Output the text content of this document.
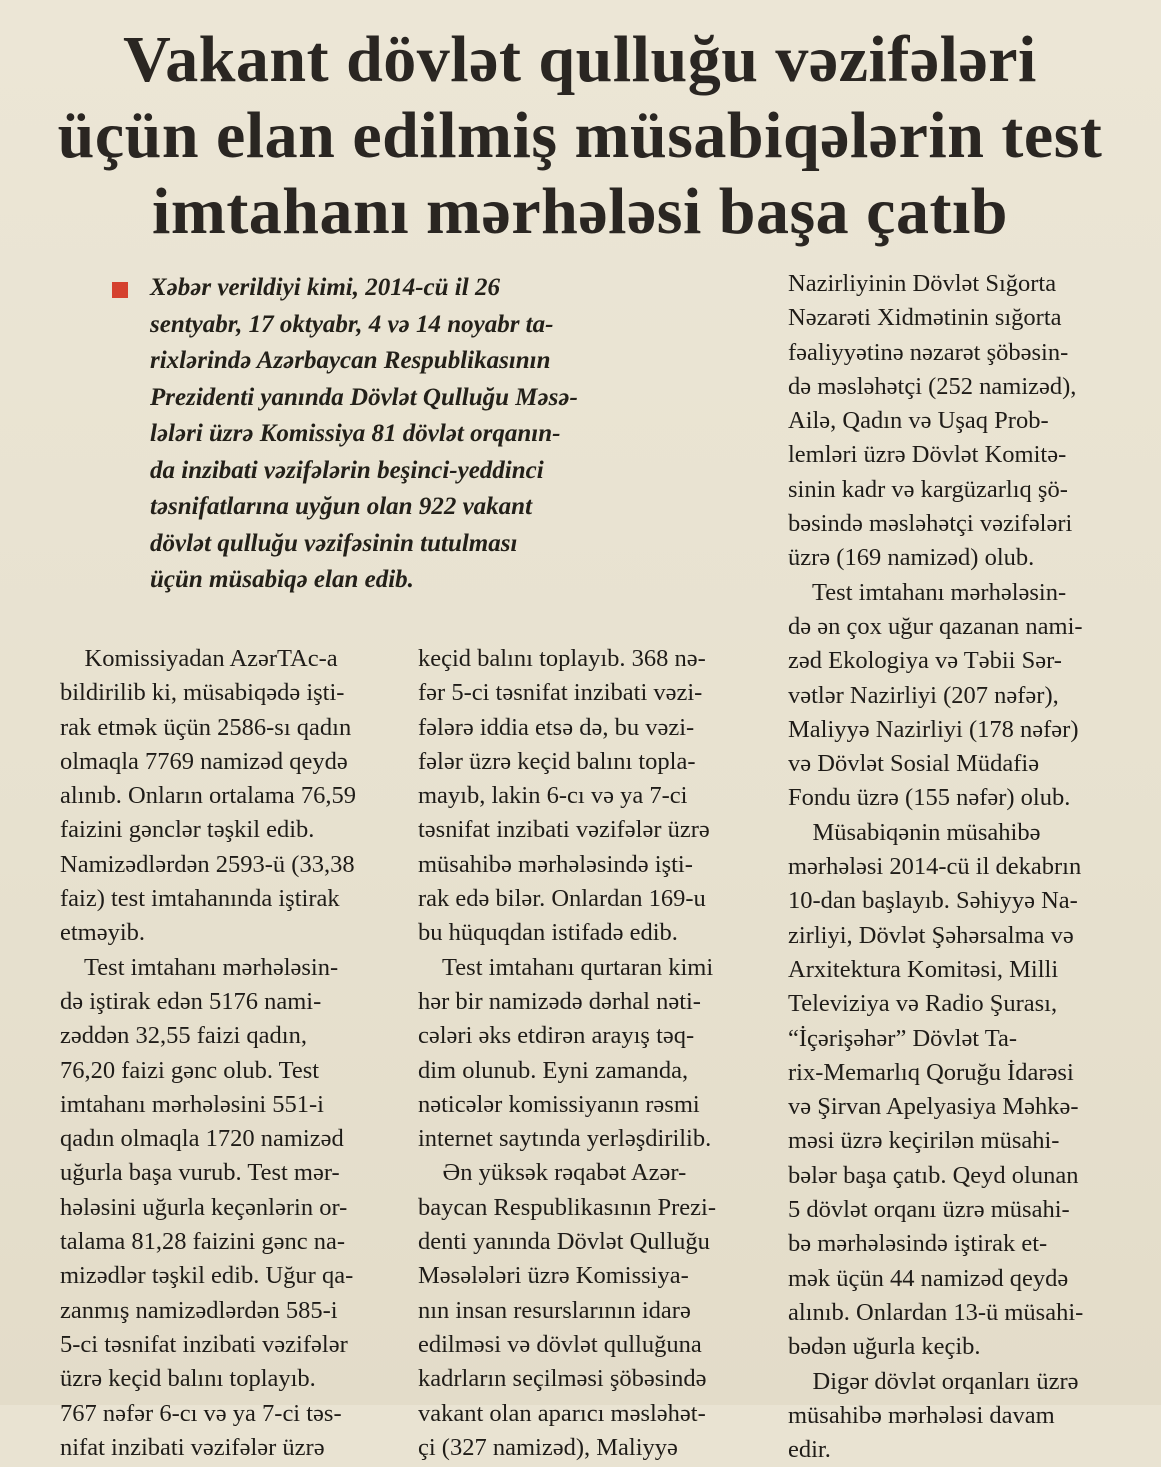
Vakant dövlət qulluğu vəzifələri
üçün elan edilmiş müsabiqələrin test
imtahanı mərhələsi başa çatıb
Xəbər verildiyi kimi, 2014-cü il 26
sentyabr, 17 oktyabr, 4 və 14 noyabr ta-
rixlərində Azərbaycan Respublikasının
Prezidenti yanında Dövlət Qulluğu Məsə-
lələri üzrə Komissiya 81 dövlət orqanın-
da inzibati vəzifələrin beşinci-yeddinci
təsnifatlarına uyğun olan 922 vakant
dövlət qulluğu vəzifəsinin tutulması
üçün müsabiqə elan edib.
Komissiyadan AzərTAc-a
bildirilib ki, müsabiqədə işti-
rak etmək üçün 2586-sı qadın
olmaqla 7769 namizəd qeydə
alınıb. Onların ortalama 76,59
faizini gənclər təşkil edib.
Namizədlərdən 2593-ü (33,38
faiz) test imtahanında iştirak
etməyib.
Test imtahanı mərhələsin-
də iştirak edən 5176 nami-
zəddən 32,55 faizi qadın,
76,20 faizi gənc olub. Test
imtahanı mərhələsini 551-i
qadın olmaqla 1720 namizəd
uğurla başa vurub. Test mər-
hələsini uğurla keçənlərin or-
talama 81,28 faizini gənc na-
mizədlər təşkil edib. Uğur qa-
zanmış namizədlərdən 585-i
5-ci təsnifat inzibati vəzifələr
üzrə keçid balını toplayıb.
767 nəfər 6-cı və ya 7-ci təs-
nifat inzibati vəzifələr üzrə
keçid balını toplayıb. 368 nə-
fər 5-ci təsnifat inzibati vəzi-
fələrə iddia etsə də, bu vəzi-
fələr üzrə keçid balını topla-
mayıb, lakin 6-cı və ya 7-ci
təsnifat inzibati vəzifələr üzrə
müsahibə mərhələsində işti-
rak edə bilər. Onlardan 169-u
bu hüquqdan istifadə edib.
Test imtahanı qurtaran kimi
hər bir namizədə dərhal nəti-
cələri əks etdirən arayış təq-
dim olunub. Eyni zamanda,
nəticələr komissiyanın rəsmi
internet saytında yerləşdirilib.
Ən yüksək rəqabət Azər-
baycan Respublikasının Prezi-
denti yanında Dövlət Qulluğu
Məsələləri üzrə Komissiya-
nın insan resurslarının idarə
edilməsi və dövlət qulluğuna
kadrların seçilməsi şöbəsində
vakant olan aparıcı məsləhət-
çi (327 namizəd), Maliyyə
Nazirliyinin Dövlət Sığorta
Nəzarəti Xidmətinin sığorta
fəaliyyətinə nəzarət şöbəsin-
də məsləhətçi (252 namizəd),
Ailə, Qadın və Uşaq Prob-
lemləri üzrə Dövlət Komitə-
sinin kadr və kargüzarlıq şö-
bəsində məsləhətçi vəzifələri
üzrə (169 namizəd) olub.
Test imtahanı mərhələsin-
də ən çox uğur qazanan nami-
zəd Ekologiya və Təbii Sər-
vətlər Nazirliyi (207 nəfər),
Maliyyə Nazirliyi (178 nəfər)
və Dövlət Sosial Müdafiə
Fondu üzrə (155 nəfər) olub.
Müsabiqənin müsahibə
mərhələsi 2014-cü il dekabrın
10-dan başlayıb. Səhiyyə Na-
zirliyi, Dövlət Şəhərsalma və
Arxitektura Komitəsi, Milli
Televiziya və Radio Şurası,
“İçərişəhər” Dövlət Ta-
rix-Memarlıq Qoruğu İdarəsi
və Şirvan Apelyasiya Məhkə-
məsi üzrə keçirilən müsahi-
bələr başa çatıb. Qeyd olunan
5 dövlət orqanı üzrə müsahi-
bə mərhələsində iştirak et-
mək üçün 44 namizəd qeydə
alınıb. Onlardan 13-ü müsahi-
bədən uğurla keçib.
Digər dövlət orqanları üzrə
müsahibə mərhələsi davam
edir.
